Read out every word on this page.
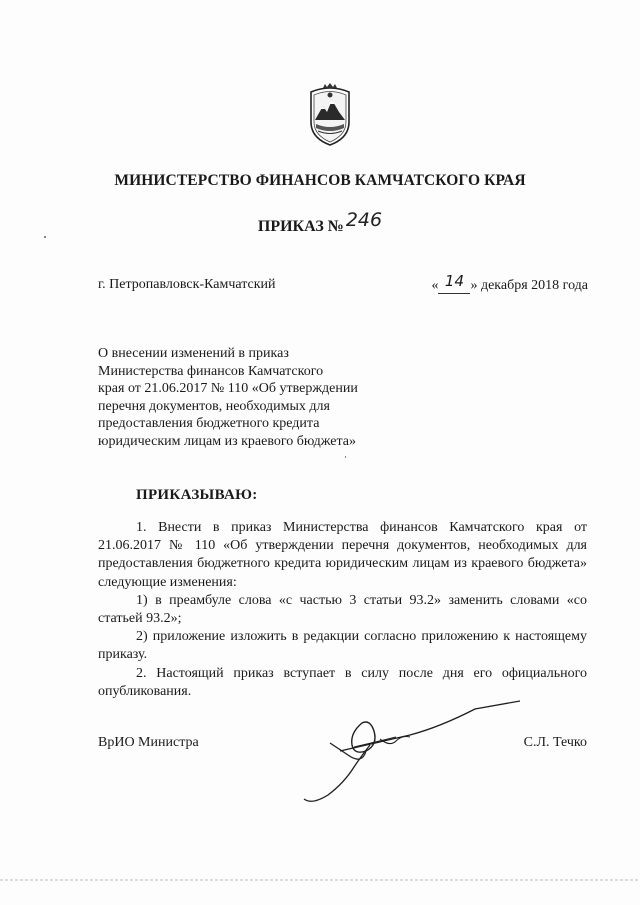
МИНИСТЕРСТВО ФИНАНСОВ КАМЧАТСКОГО КРАЯ
ПРИКАЗ № 246
г. Петропавловск-Камчатский	« 14 » декабря 2018 года
О внесении изменений в приказ
Министерства финансов Камчатского
края от 21.06.2017 № 110 «Об утверждении
перечня документов, необходимых для
предоставления бюджетного кредита
юридическим лицам из краевого бюджета»
ПРИКАЗЫВАЮ:

1. Внести в приказ Министерства финансов Камчатского края от 21.06.2017 № 110 «Об утверждении перечня документов, необходимых для предоставления бюджетного кредита юридическим лицам из краевого бюджета» следующие изменения:

1) в преамбуле слова «с частью 3 статьи 93.2» заменить словами «со статьей 93.2»;

2) приложение изложить в редакции согласно приложению к настоящему приказу.

2. Настоящий приказ вступает в силу после дня его официального опубликования.

ВрИО Министра	С.Л. Течко
